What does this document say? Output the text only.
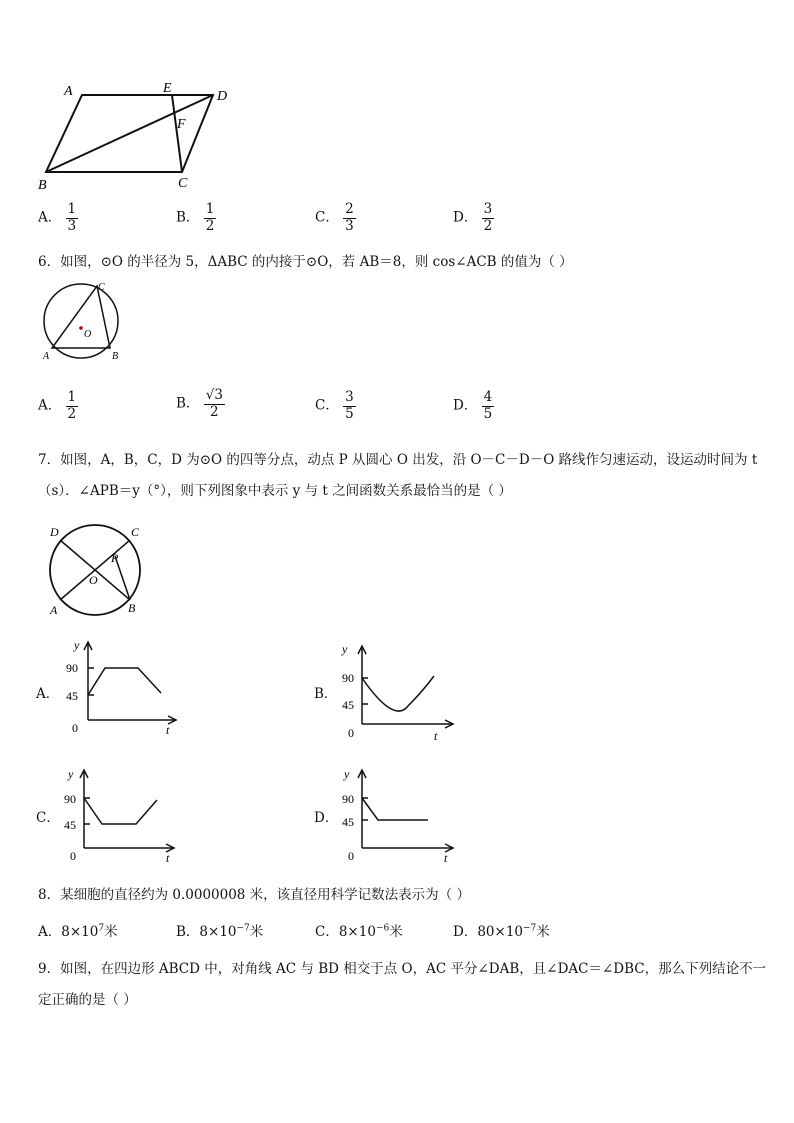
A	E
D
F
B	C
A． $\frac{1}{3}$	B． $\frac{1}{2}$	C． $\frac{2}{3}$	D． $\frac{3}{2}$
6．如图，⊙O 的半径为 5，ΔABC 的内接于⊙O，若 AB＝8，则 cos∠ACB 的值为（ ）
C
O
A	B
A． $\frac{1}{2}$	B． $\frac{√3}{2}$	C． $\frac{3}{5}$	D． $\frac{4}{5}$
7．如图，A，B，C，D 为⊙O 的四等分点，动点 P 从圆心 O 出发，沿 O－C－D－O 路线作匀速运动，设运动时间为 t
（s）．∠APB＝y（°），则下列图象中表示 y 与 t 之间函数关系最恰当的是（ ）
D	C
P
O
A	B
A．
y
90
45
0	t
B．
y
90
45
0	t
C．
y
90
45
0	t
D．
y
90
45
0	t
8．某细胞的直径约为 0.0000008 米，该直径用科学记数法表示为（ ）
A．$8\times 10^7$米	B．$8\times 10^{-7}$米	C．$8\times 10^{-6}$米	D．$80\times 10^{-7}$米
9．如图，在四边形 ABCD 中，对角线 AC 与 BD 相交于点 O，AC 平分∠DAB，且∠DAC＝∠DBC，那么下列结论不一
定正确的是（ ）
